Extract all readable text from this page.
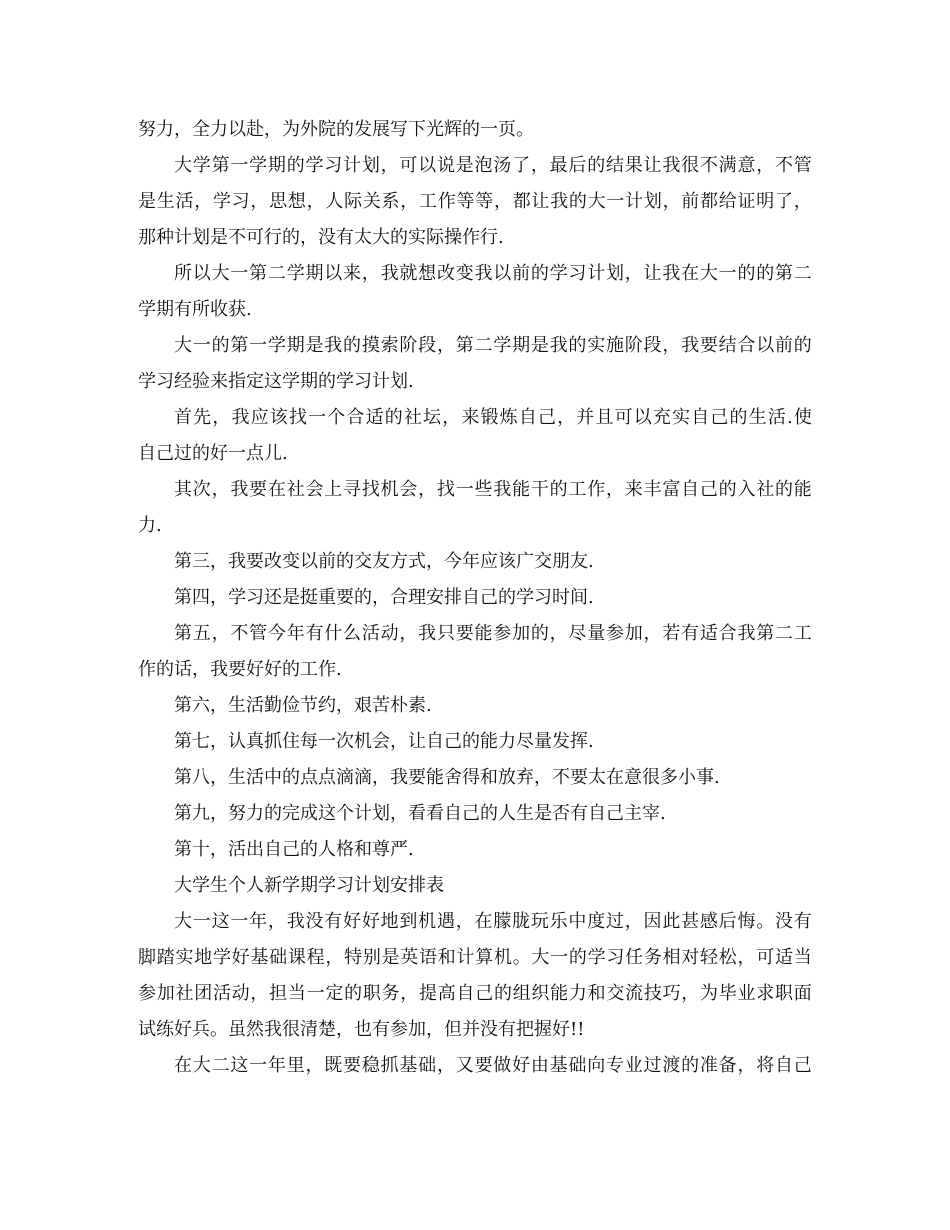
努力，全力以赴，为外院的发展写下光辉的一页。
大 学 第 一 学 期 的 学 习 计 划 ， 可 以 说 是 泡 汤 了 ， 最 后 的 结 果 让 我 很 不 满 意 ， 不 管
是 生 活 ， 学 习 ， 思 想 ， 人 际 关 系 ， 工 作 等 等 ， 都 让 我 的 大 一 计 划 ， 前 都 给 证 明 了 ，
那种计划是不可行的，没有太大的实际操作行.
所 以 大 一 第 二 学 期 以 来 ， 我 就 想 改 变 我 以 前 的 学 习 计 划 ， 让 我 在 大 一 的 的 第 二
学期有所收获.
大 一 的 第 一 学 期 是 我 的 摸 索 阶 段 ， 第 二 学 期 是 我 的 实 施 阶 段 ， 我 要 结 合 以 前 的
学习经验来指定这学期的学习计划.
首 先 ， 我 应 该 找 一 个 合 适 的 社 坛 ， 来 锻 炼 自 己 ， 并 且 可 以 充 实 自 己 的 生 活 . 使
自己过的好一点儿.
其 次 ， 我 要 在 社 会 上 寻 找 机 会 ， 找 一 些 我 能 干 的 工 作 ， 来 丰 富 自 己 的 入 社 的 能
力.
第三，我要改变以前的交友方式，今年应该广交朋友.
第四，学习还是挺重要的，合理安排自己的学习时间.
第 五 ， 不 管 今 年 有 什 么 活 动 ， 我 只 要 能 参 加 的 ， 尽 量 参 加 ， 若 有 适 合 我 第 二 工
作的话，我要好好的工作.
第六，生活勤俭节约，艰苦朴素.
第七，认真抓住每一次机会，让自己的能力尽量发挥.
第八，生活中的点点滴滴，我要能舍得和放弃，不要太在意很多小事.
第九，努力的完成这个计划，看看自己的人生是否有自己主宰.
第十，活出自己的人格和尊严.
大学生个人新学期学习计划安排表
大 一 这 一 年 ， 我 没 有 好 好 地 到 机 遇 ， 在 朦 胧 玩 乐 中 度 过 ， 因 此 甚 感 后 悔 。 没 有
脚 踏 实 地 学 好 基 础 课 程 ， 特 别 是 英 语 和 计 算 机 。 大 一 的 学 习 任 务 相 对 轻 松 ， 可 适 当
参 加 社 团 活 动 ， 担 当 一 定 的 职 务 ， 提 高 自 己 的 组 织 能 力 和 交 流 技 巧 ， 为 毕 业 求 职 面
试练好兵。虽然我很清楚，也有参加，但并没有把握好!!
在 大 二 这 一 年 里 ， 既 要 稳 抓 基 础 ， 又 要 做 好 由 基 础 向 专 业 过 渡 的 准 备 ， 将 自 己
